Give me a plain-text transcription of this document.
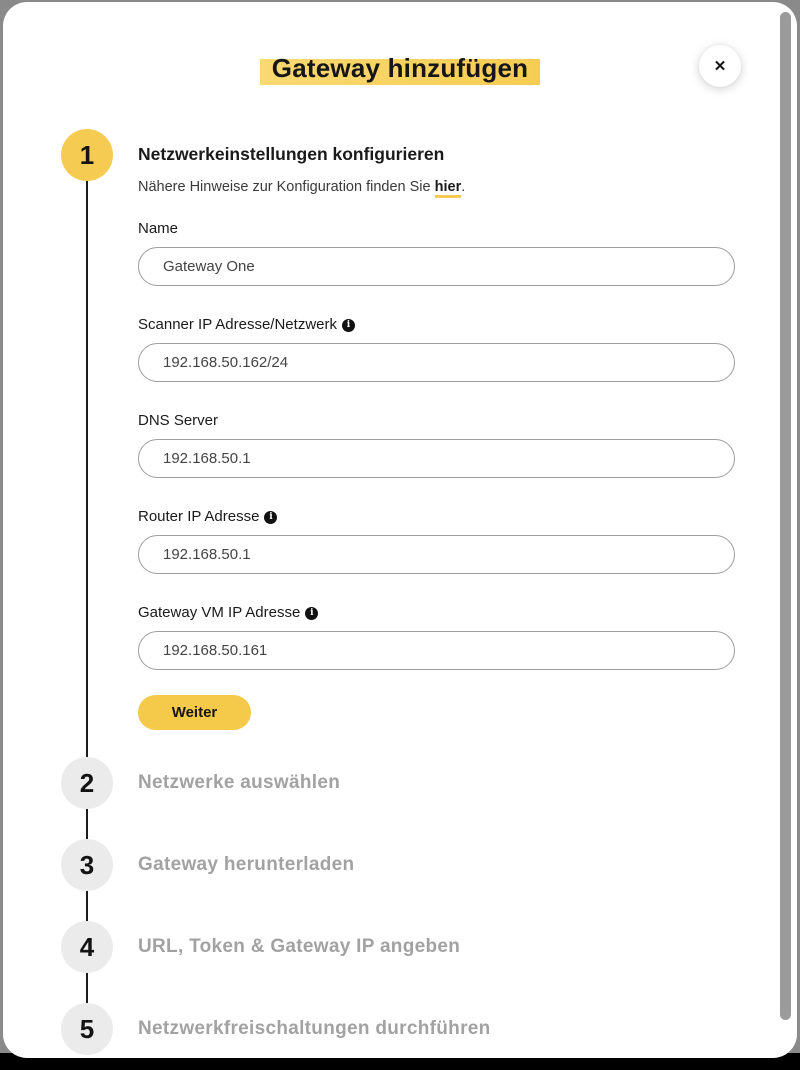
Gateway hinzufügen	✕
1
2
3
4
5
Netzwerkeinstellungen konfigurieren
Nähere Hinweise zur Konfiguration finden Sie hier.
Name
Gateway One
Scanner IP Adresse/Netzwerk i
192.168.50.162/24
DNS Server
192.168.50.1
Router IP Adresse i
192.168.50.1
Gateway VM IP Adresse i
192.168.50.161
Weiter
Netzwerke auswählen
Gateway herunterladen
URL, Token & Gateway IP angeben
Netzwerkfreischaltungen durchführen
